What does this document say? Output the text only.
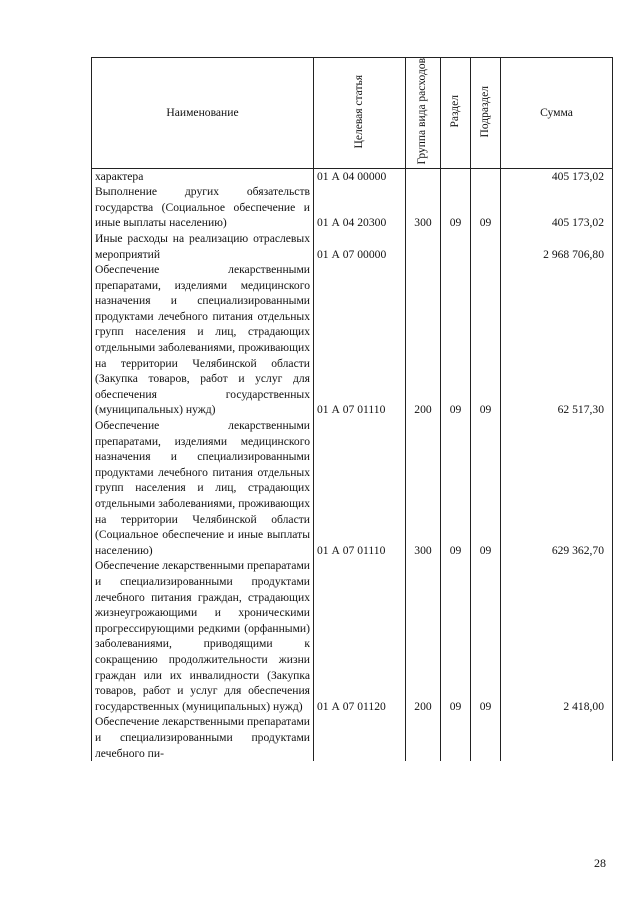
Наименование	Целевая статья	Группа вида расходов	Раздел	Подраздел	Сумма
характера	01 А 04 00000				405 173,02
Выполнение других обязательств государства (Социальное обеспечение и иные выплаты населению)	01 А 04 20300	300	09	09	405 173,02
Иные расходы на реализацию отраслевых мероприятий	01 А 07 00000				2 968 706,80
Обеспечение лекарственными препаратами, изделиями медицинского назначения и специализированными продуктами лечебного питания отдельных групп населения и лиц, страдающих отдельными заболеваниями, проживающих на территории Челябинской области (Закупка товаров, работ и услуг для обеспечения государственных (муниципальных) нужд)	01 А 07 01110	200	09	09	62 517,30
Обеспечение лекарственными препаратами, изделиями медицинского назначения и специализированными продуктами лечебного питания отдельных групп населения и лиц, страдающих отдельными заболеваниями, проживающих на территории Челябинской области (Социальное обеспечение и иные выплаты населению)	01 А 07 01110	300	09	09	629 362,70
Обеспечение лекарственными препаратами и специализированными продуктами лечебного питания граждан, страдающих жизнеугрожающими и хроническими прогрессирующими редкими (орфанными) заболеваниями, приводящими к сокращению продолжительности жизни граждан или их инвалидности (Закупка товаров, работ и услуг для обеспечения государственных (муниципальных) нужд)	01 А 07 01120	200	09	09	2 418,00
Обеспечение лекарственными препаратами и специализированными продуктами лечебного пи-					
28
